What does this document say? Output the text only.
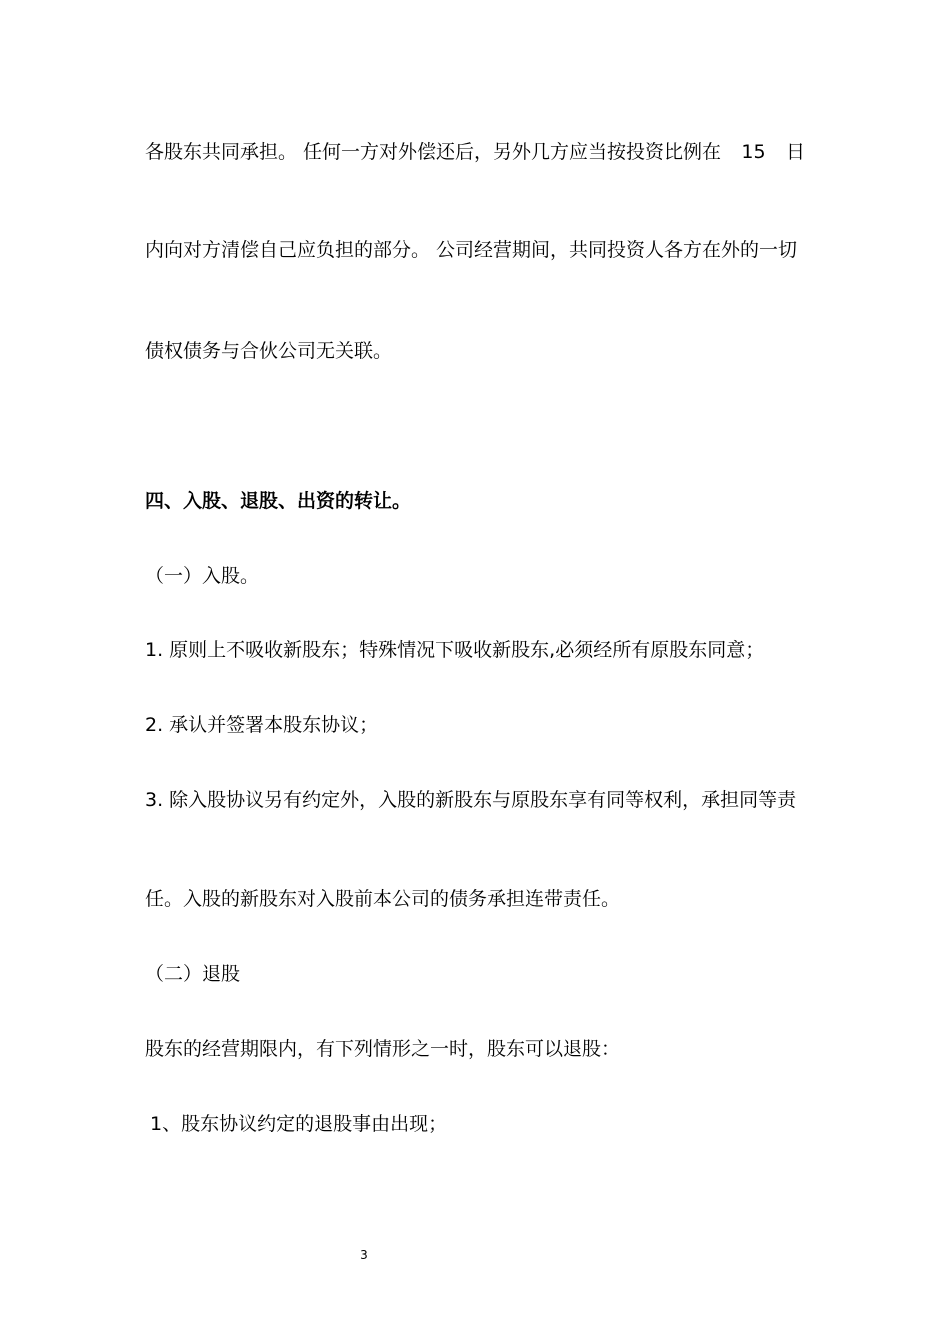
各股东共同承担。 任何一方对外偿还后，另外几方应当按投资比例在 15 日
内向对方清偿自己应负担的部分。 公司经营期间，共同投资人各方在外的一切
债权债务与合伙公司无关联。
四、入股、退股、出资的转让。
（一）入股。
1. 原则上不吸收新股东；特殊情况下吸收新股东,必须经所有原股东同意；
2. 承认并签署本股东协议；
3. 除入股协议另有约定外，入股的新股东与原股东享有同等权利，承担同等责
任。入股的新股东对入股前本公司的债务承担连带责任。
（二）退股
股东的经营期限内，有下列情形之一时，股东可以退股：
1、股东协议约定的退股事由出现；
3
